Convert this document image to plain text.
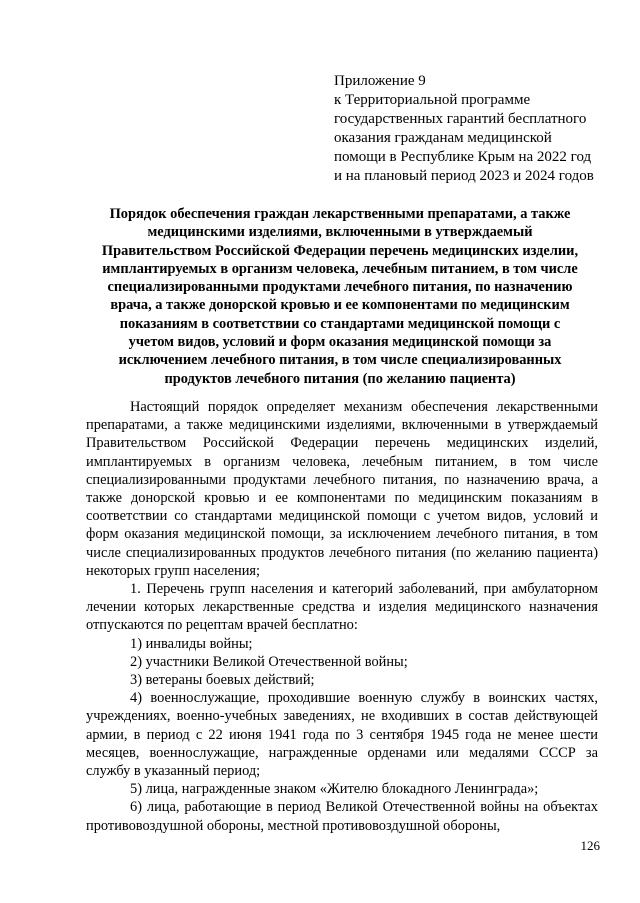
Приложение 9
к Территориальной программе
государственных гарантий бесплатного
оказания гражданам медицинской
помощи в Республике Крым на 2022 год
и на плановый период 2023 и 2024 годов
Порядок обеспечения граждан лекарственными препаратами, а также
медицинскими изделиями, включенными в утверждаемый
Правительством Российской Федерации перечень медицинских изделии,
имплантируемых в организм человека, лечебным питанием, в том числе
специализированными продуктами лечебного питания, по назначению
врача, а также донорской кровью и ее компонентами по медицинским
показаниям в соответствии со стандартами медицинской помощи с
учетом видов, условий и форм оказания медицинской помощи за
исключением лечебного питания, в том числе специализированных
продуктов лечебного питания (по желанию пациента)

Настоящий порядок определяет механизм обеспечения лекарственными препаратами, а также медицинскими изделиями, включенными в утверждаемый Правительством Российской Федерации перечень медицинских изделий, имплантируемых в организм человека, лечебным питанием, в том числе специализированными продуктами лечебного питания, по назначению врача, а также донорской кровью и ее компонентами по медицинским показаниям в соответствии со стандартами медицинской помощи с учетом видов, условий и форм оказания медицинской помощи, за исключением лечебного питания, в том числе специализированных продуктов лечебного питания (по желанию пациента) некоторых групп населения;

1. Перечень групп населения и категорий заболеваний, при амбулаторном лечении которых лекарственные средства и изделия медицинского назначения отпускаются по рецептам врачей бесплатно:

1) инвалиды войны;

2) участники Великой Отечественной войны;

3) ветераны боевых действий;

4) военнослужащие, проходившие военную службу в воинских частях, учреждениях, военно-учебных заведениях, не входивших в состав действующей армии, в период с 22 июня 1941 года по 3 сентября 1945 года не менее шести месяцев, военнослужащие, награжденные орденами или медалями СССР за службу в указанный период;

5) лица, награжденные знаком «Жителю блокадного Ленинграда»;

6) лица, работающие в период Великой Отечественной войны на объектах противовоздушной обороны, местной противовоздушной обороны,

126
